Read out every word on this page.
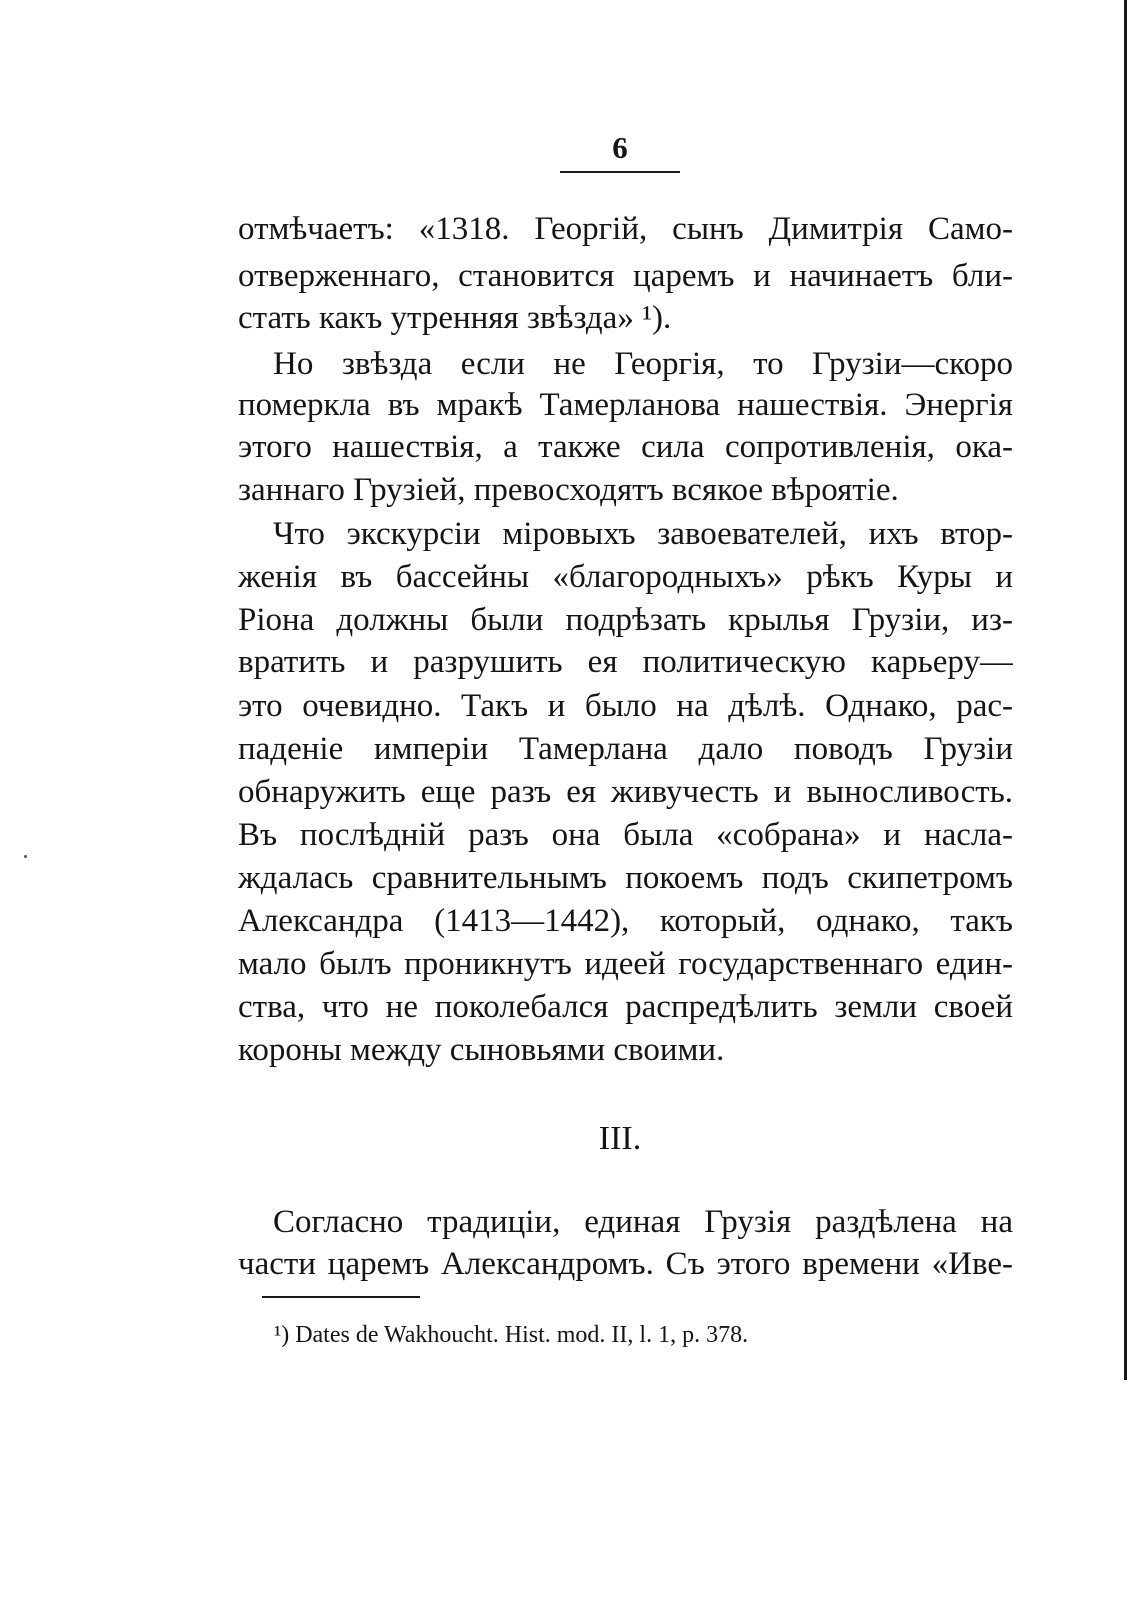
6
отмѣчаетъ: «1318. Георгій, сынъ Димитрія Само-
отверженнаго, становится царемъ и начинаетъ бли-
стать какъ утренняя звѣзда» ¹).
Но звѣзда если не Георгія, то Грузіи—скоро
померкла въ мракѣ Тамерланова нашествія. Энергія
этого нашествія, а также сила сопротивленія, ока-
заннаго Грузіей, превосходятъ всякое вѣроятіе.
Что экскурсіи міровыхъ завоевателей, ихъ втор-
женія въ бассейны «благородныхъ» рѣкъ Куры и
Ріона должны были подрѣзать крылья Грузіи, из-
вратить и разрушить ея политическую карьеру—
это очевидно. Такъ и было на дѣлѣ. Однако, рас-
паденіе имперіи Тамерлана дало поводъ Грузіи
обнаружить еще разъ ея живучесть и выносливость.
Въ послѣдній разъ она была «собрана» и насла-
ждалась сравнительнымъ покоемъ подъ скипетромъ
Александра (1413—1442), который, однако, такъ
мало былъ проникнутъ идеей государственнаго един-
ства, что не поколебался распредѣлить земли своей
короны между сыновьями своими.
III.
Согласно традиціи, единая Грузія раздѣлена на
части царемъ Александромъ. Съ этого времени «Иве-
¹) Dates de Wakhoucht. Hist. mod. II, l. 1, p. 378.
